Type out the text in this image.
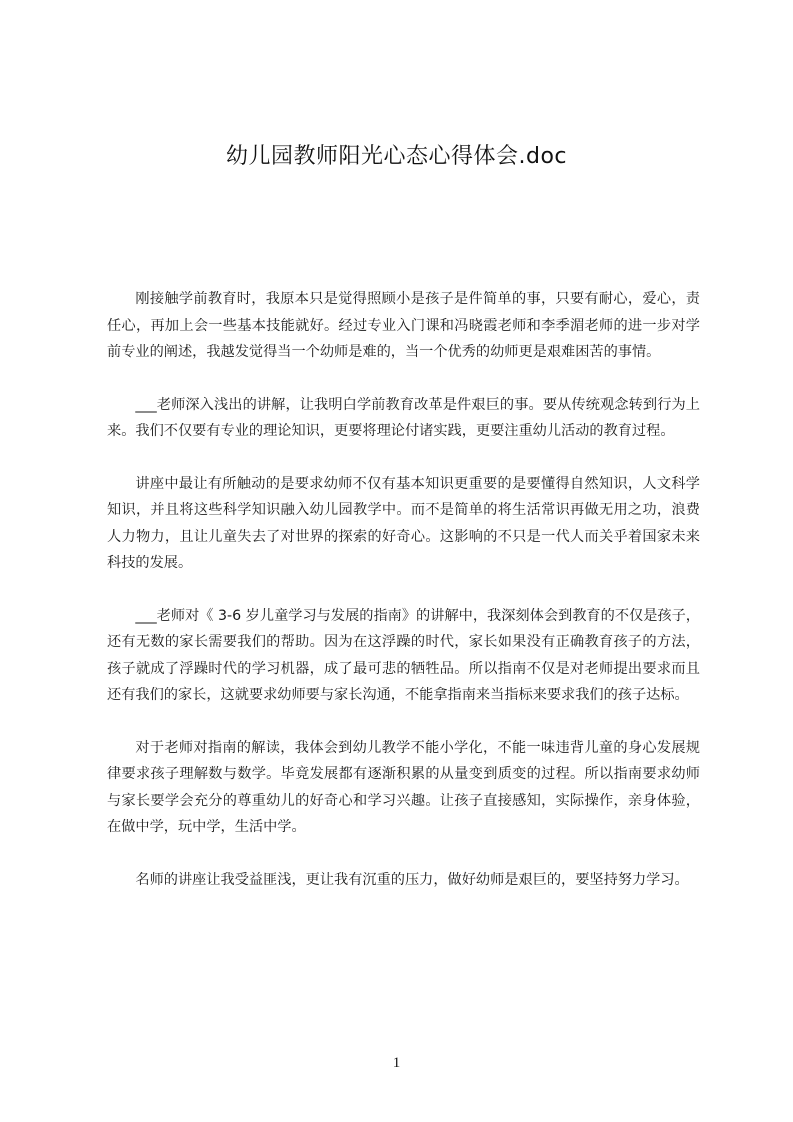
幼儿园教师阳光心态心得体会.doc

刚接触学前教育时，我原本只是觉得照顾小是孩子是件简单的事，只要有耐心，爱心，责任心，再加上会一些基本技能就好。经过专业入门课和冯晓霞老师和李季湄老师的进一步对学前专业的阐述，我越发觉得当一个幼师是难的，当一个优秀的幼师更是艰难困苦的事情。

___老师深入浅出的讲解，让我明白学前教育改革是件艰巨的事。要从传统观念转到行为上来。我们不仅要有专业的理论知识，更要将理论付诸实践，更要注重幼儿活动的教育过程。

讲座中最让有所触动的是要求幼师不仅有基本知识更重要的是要懂得自然知识，人文科学知识，并且将这些科学知识融入幼儿园教学中。而不是简单的将生活常识再做无用之功，浪费人力物力，且让儿童失去了对世界的探索的好奇心。这影响的不只是一代人而关乎着国家未来科技的发展。

___老师对《 3-6 岁儿童学习与发展的指南》的讲解中，我深刻体会到教育的不仅是孩子，还有无数的家长需要我们的帮助。因为在这浮躁的时代，家长如果没有正确教育孩子的方法，孩子就成了浮躁时代的学习机器，成了最可悲的牺牲品。所以指南不仅是对老师提出要求而且还有我们的家长，这就要求幼师要与家长沟通，不能拿指南来当指标来要求我们的孩子达标。

对于老师对指南的解读，我体会到幼儿教学不能小学化，不能一味违背儿童的身心发展规律要求孩子理解数与数学。毕竟发展都有逐渐积累的从量变到质变的过程。所以指南要求幼师与家长要学会充分的尊重幼儿的好奇心和学习兴趣。让孩子直接感知，实际操作，亲身体验，在做中学，玩中学，生活中学。

名师的讲座让我受益匪浅，更让我有沉重的压力，做好幼师是艰巨的，要坚持努力学习。

1
